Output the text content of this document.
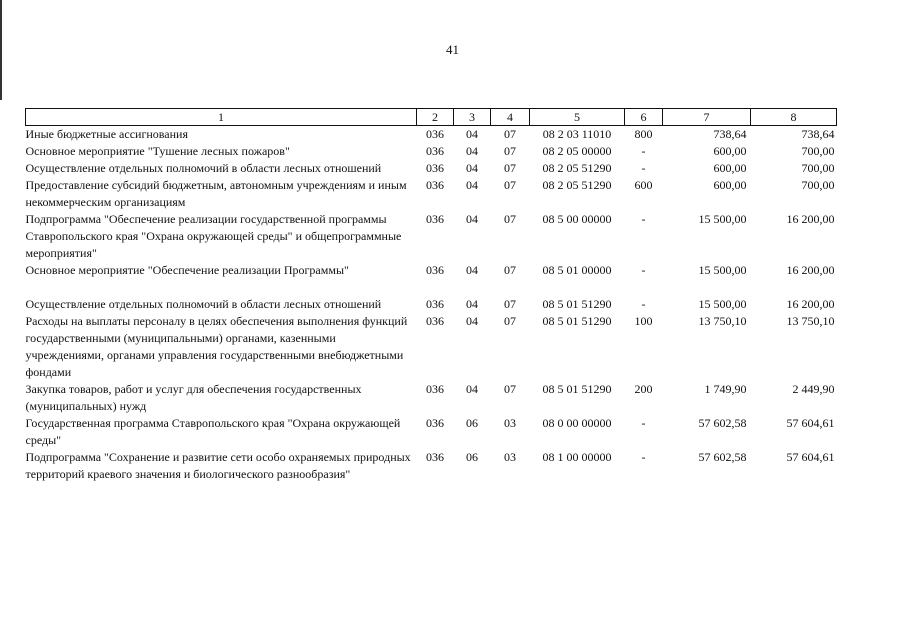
41
1	2	3	4	5	6	7	8
Иные бюджетные ассигнования	036	04	07	08 2 03 11010	800	738,64	738,64
Основное мероприятие "Тушение лесных пожаров"	036	04	07	08 2 05 00000	-	600,00	700,00
Осуществление отдельных полномочий в области лесных отношений	036	04	07	08 2 05 51290	-	600,00	700,00
Предоставление субсидий бюджетным, автономным учреждениям и иным некоммерческим организациям	036	04	07	08 2 05 51290	600	600,00	700,00
Подпрограмма "Обеспечение реализации государственной программы Ставропольского края "Охрана окружающей среды" и общепрограммные мероприятия"	036	04	07	08 5 00 00000	-	15 500,00	16 200,00
Основное мероприятие "Обеспечение реализации Программы"	036	04	07	08 5 01 00000	-	15 500,00	16 200,00
Осуществление отдельных полномочий в области лесных отношений	036	04	07	08 5 01 51290	-	15 500,00	16 200,00
Расходы на выплаты персоналу в целях обеспечения выполнения функций государственными (муниципальными) органами, казенными учреждениями, органами управления государственными внебюджетными фондами	036	04	07	08 5 01 51290	100	13 750,10	13 750,10
Закупка товаров, работ и услуг для обеспечения государственных (муниципальных) нужд	036	04	07	08 5 01 51290	200	1 749,90	2 449,90
Государственная программа Ставропольского края "Охрана окружающей среды"	036	06	03	08 0 00 00000	-	57 602,58	57 604,61
Подпрограмма "Сохранение и развитие сети особо охраняемых природных территорий краевого значения и биологического разнообразия"	036	06	03	08 1 00 00000	-	57 602,58	57 604,61
